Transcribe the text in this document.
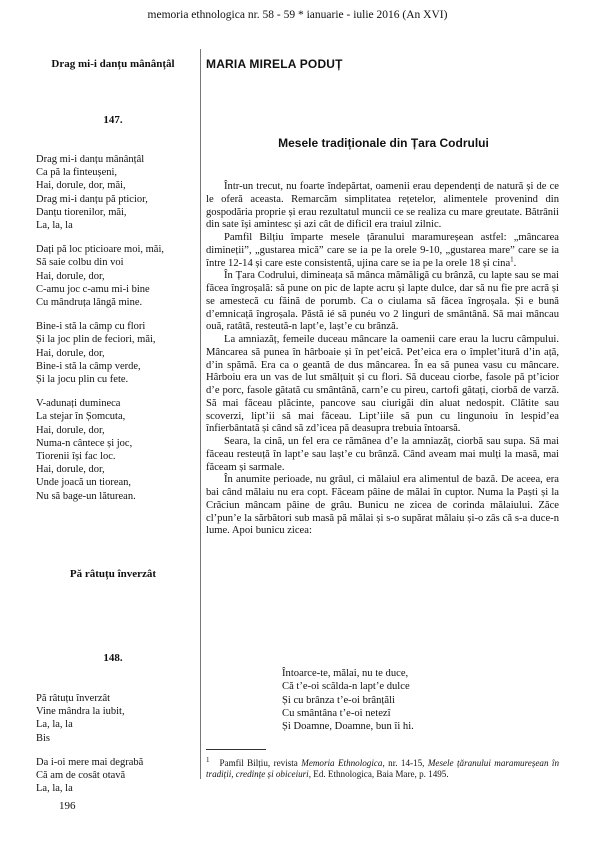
memoria ethnologica nr. 58 - 59 * ianuarie - iulie 2016 (An XVI)
Drag mi-i danțu mânânțâl	MARIA MIRELA PODUȚ
147.
Drag mi-i danțu mânânțâl
Ca pă la finteușeni,
Hai, dorule, dor, măi,
Drag mi-i danțu pă pticior,
Danțu tiorenilor, măi,
La, la, la
Dați pă loc pticioare moi, măi,
Să saie colbu din voi
Hai, dorule, dor,
C-amu joc c-amu mi-i bine
Cu mândruța lângă mine.
Bine-i stă la câmp cu flori
Și la joc plin de feciori, măi,
Hai, dorule, dor,
Bine-i stă la câmp verde,
Și la jocu plin cu fete.
V-adunați dumineca
La stejar în Șomcuta,
Hai, dorule, dor,
Numa-n cântece și joc,
Tiorenii își fac loc.
Hai, dorule, dor,
Unde joacă un tiorean,
Nu să bage-un lăturean.
Pă râtuțu înverzât
148.
Pă râtuțu înverzât
Vine mândra la iubit,
La, la, la
Bis
Da i-oi mere mai degrabă
Că am de cosât otavă
La, la, la
Mesele tradiționale din Țara Codrului

Într-un trecut, nu foarte îndepărtat, oamenii erau dependenți de natură și de ce le oferă aceasta. Remarcăm simplitatea rețetelor, alimentele provenind din gospodăria proprie și erau rezultatul muncii ce se realiza cu mare greutate. Bătrânii din sate își amintesc și azi cât de dificil era traiul zilnic.

Pamfil Bilțiu împarte mesele țăranului maramureșean astfel: „mâncarea dimineții”, „gustarea mică” care se ia pe la orele 9-10, „gustarea mare” care se ia între 12-14 și care este consistentă, ujina care se ia pe la orele 18 și cina$^1$.

În Țara Codrului, dimineața să mânca mămăligă cu brânză, cu lapte sau se mai făcea îngroșală: să pune on pic de lapte acru și lapte dulce, dar să nu fie pre acră și se amestecă cu făină de porumb. Ca o ciulama să făcea îngroșala. Și e bună d’emnicață îngroșala. Păstă ié să punéu vo 2 linguri de smântână. Să mai mâncau ouă, ratâtă, resteută-n lapt’e, lașt’e cu brânză.

La amniazăț, femeile duceau mâncare la oamenii care erau la lucru câmpului. Mâncarea să punea în hârboaie și în pet’eică. Pet’eica era o împlet’itură d’in ață, d’in spămă. Era ca o geantă de dus mâncarea. În ea să punea vasu cu mâncare. Hârboiu era un vas de lut smălțuit și cu flori. Să duceau ciorbe, fasole pă pt’icior d’e porc, fasole gătată cu smântână, carn’e cu pireu, cartofi gătați, ciorbă de varză. Să mai făceau plăcinte, pancove sau ciurigăi din aluat nedospit. Clătite sau scoverzi, lipt’ii să mai făceau. Lipt’iile să pun cu lingunoiu în lespid’ea înfierbântată și când să zd’icea pă deasupra trebuia întoarsă.

Seara, la cină, un fel era ce rămânea d’e la amniazăț, ciorbă sau supa. Să mai făceau resteuță în lapt’e sau lașt’e cu brânză. Când aveam mai mulți la masă, mai făceam și sarmale.

În anumite perioade, nu grâul, ci mălaiul era alimentul de bază. De aceea, era bai când mălaiu nu era copt. Făceam pâine de mălai în cuptor. Numa la Paști și la Crăciun mâncam pâine de grâu. Bunicu ne zicea de corinda mălaiului. Zăce cl’pun’e la sărbători sub masă pă mălai și s-o supărat mălaiu și-o zâs că s-a duce-n lume. Apoi bunicu zicea:

Întoarce-te, mălai, nu te duce,
Că t’e-oi scălda-n lapt’e dulce
Și cu brânza t’e-oi brânțăli
Cu smântâna t’e-oi netezî
Și Doamne, Doamne, bun îi hi.
$^1$ Pamfil Bilțiu, revista Memoria Ethnologica, nr. 14-15, Mesele țăranului maramureșean în tradiții, credințe și obiceiuri, Ed. Ethnologica, Baia Mare, p. 1495.
196
